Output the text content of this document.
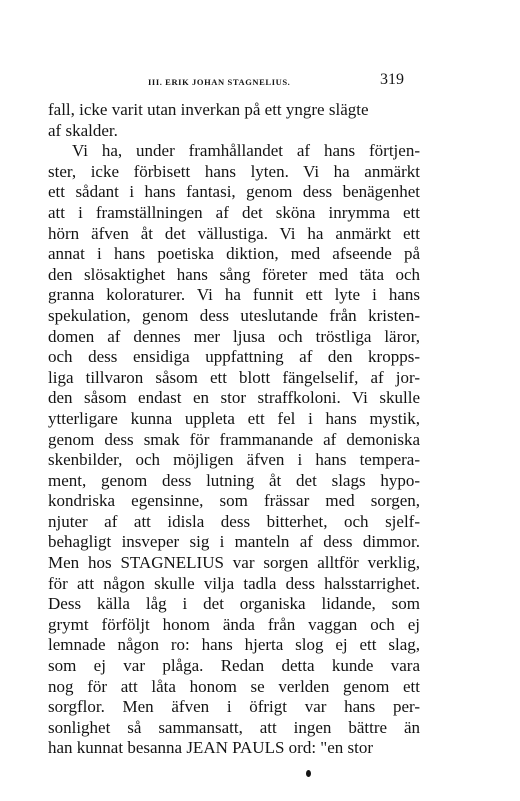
III. ERIK JOHAN STAGNELIUS.	319
fall, icke varit utan inverkan på ett yngre slägte
af skalder.
Vi ha, under framhållandet af hans förtjen-
ster, icke förbisett hans lyten. Vi ha anmärkt
ett sådant i hans fantasi, genom dess benägenhet
att i framställningen af det sköna inrymma ett
hörn äfven åt det vällustiga. Vi ha anmärkt ett
annat i hans poetiska diktion, med afseende på
den slösaktighet hans sång företer med täta och
granna koloraturer. Vi ha funnit ett lyte i hans
spekulation, genom dess uteslutande från kristen-
domen af dennes mer ljusa och tröstliga läror,
och dess ensidiga uppfattning af den kropps-
liga tillvaron såsom ett blott fängelselif, af jor-
den såsom endast en stor straffkoloni. Vi skulle
ytterligare kunna uppleta ett fel i hans mystik,
genom dess smak för frammanande af demoniska
skenbilder, och möjligen äfven i hans tempera-
ment, genom dess lutning åt det slags hypo-
kondriska egensinne, som frässar med sorgen,
njuter af att idisla dess bitterhet, och sjelf-
behagligt insveper sig i manteln af dess dimmor.
Men hos STAGNELIUS var sorgen alltför verklig,
för att någon skulle vilja tadla dess halsstarrighet.
Dess källa låg i det organiska lidande, som
grymt förföljt honom ända från vaggan och ej
lemnade någon ro: hans hjerta slog ej ett slag,
som ej var plåga. Redan detta kunde vara
nog för att låta honom se verlden genom ett
sorgflor. Men äfven i öfrigt var hans per-
sonlighet så sammansatt, att ingen bättre än
han kunnat besanna JEAN PAULS ord: "en stor
